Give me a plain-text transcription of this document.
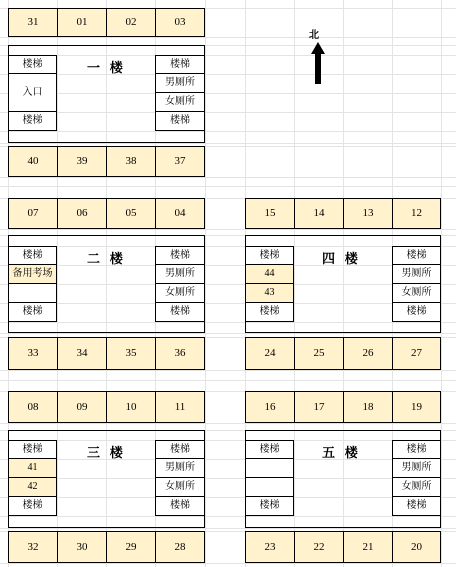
北
31	01	02	03
楼梯
入口
楼梯
楼梯
男厕所
女厕所
楼梯
一   楼
40	39	38	37
07	06	05	04
楼梯
备用考场
楼梯
楼梯
男厕所
女厕所
楼梯
二   楼
33	34	35	36
08	09	10	11
楼梯
41
42
楼梯
楼梯
男厕所
女厕所
楼梯
三   楼
32	30	29	28
15	14	13	12
楼梯
44
43
楼梯
楼梯
男厕所
女厕所
楼梯
四   楼
24	25	26	27
16	17	18	19
楼梯
楼梯
楼梯
男厕所
女厕所
楼梯
五   楼
23	22	21	20
